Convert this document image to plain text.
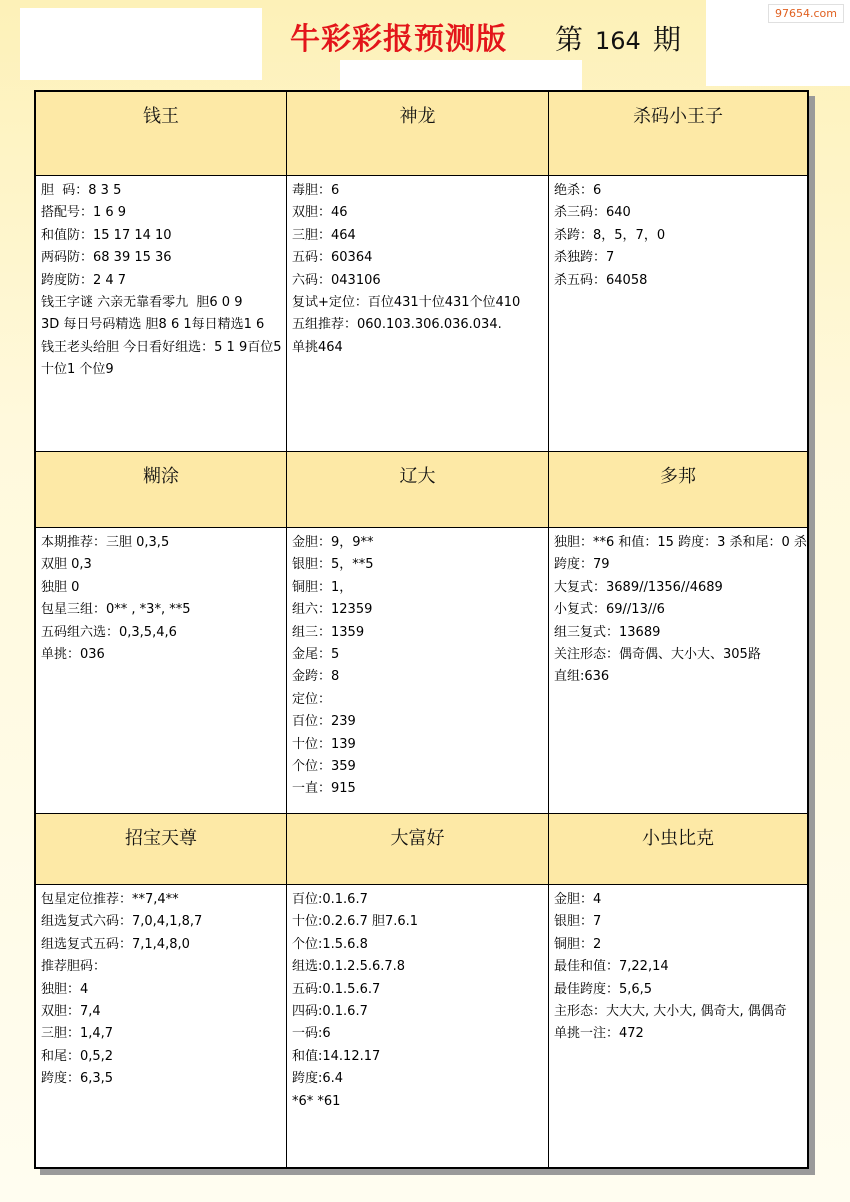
97654.com
牛彩彩报预测版 第 164 期
钱王
胆  码：8 3 5
搭配号：1 6 9
和值防：15 17 14 10
两码防：68 39 15 36
跨度防：2 4 7
钱王字谜 六亲无靠看零九  胆6 0 9
3D 每日号码精选 胆8 6 1每日精选1 6
钱王老头给胆 今日看好组选：5 1 9百位5 十位1 个位9
神龙
毒胆：6
双胆：46
三胆：464
五码：60364
六码：043106
复试+定位：百位431十位431个位410
五组推荐：060.103.306.036.034.
单挑464
杀码小王子
绝杀：6
杀三码：640
杀跨：8，5，7，0
杀独跨：7
杀五码：64058
糊涂
本期推荐：三胆 0,3,5
双胆 0,3
独胆 0
包星三组：0** , *3*, **5
五码组六选：0,3,5,4,6
单挑：036
辽大
金胆：9，9**
银胆：5，**5
铜胆：1，
组六：12359
组三：1359
金尾：5
金跨：8
定位：
百位：239
十位：139
个位：359
一直：915
多邦
独胆：**6 和值：15 跨度：3 杀和尾：0 杀跨度：79
大复式：3689//1356//4689
小复式：69//13//6
组三复式：13689
关注形态：偶奇偶、大小大、305路
直组:636
招宝天尊
包星定位推荐：**7,4**
组选复式六码：7,0,4,1,8,7
组选复式五码：7,1,4,8,0
推荐胆码：
独胆：4
双胆：7,4
三胆：1,4,7
和尾：0,5,2
跨度：6,3,5
大富好
百位:0.1.6.7
十位:0.2.6.7 胆7.6.1
个位:1.5.6.8
组选:0.1.2.5.6.7.8
五码:0.1.5.6.7
四码:0.1.6.7
一码:6
和值:14.12.17
跨度:6.4
*6* *61
小虫比克
金胆：4
银胆：7
铜胆：2
最佳和值：7,22,14
最佳跨度：5,6,5
主形态：大大大, 大小大, 偶奇大, 偶偶奇
单挑一注：472
